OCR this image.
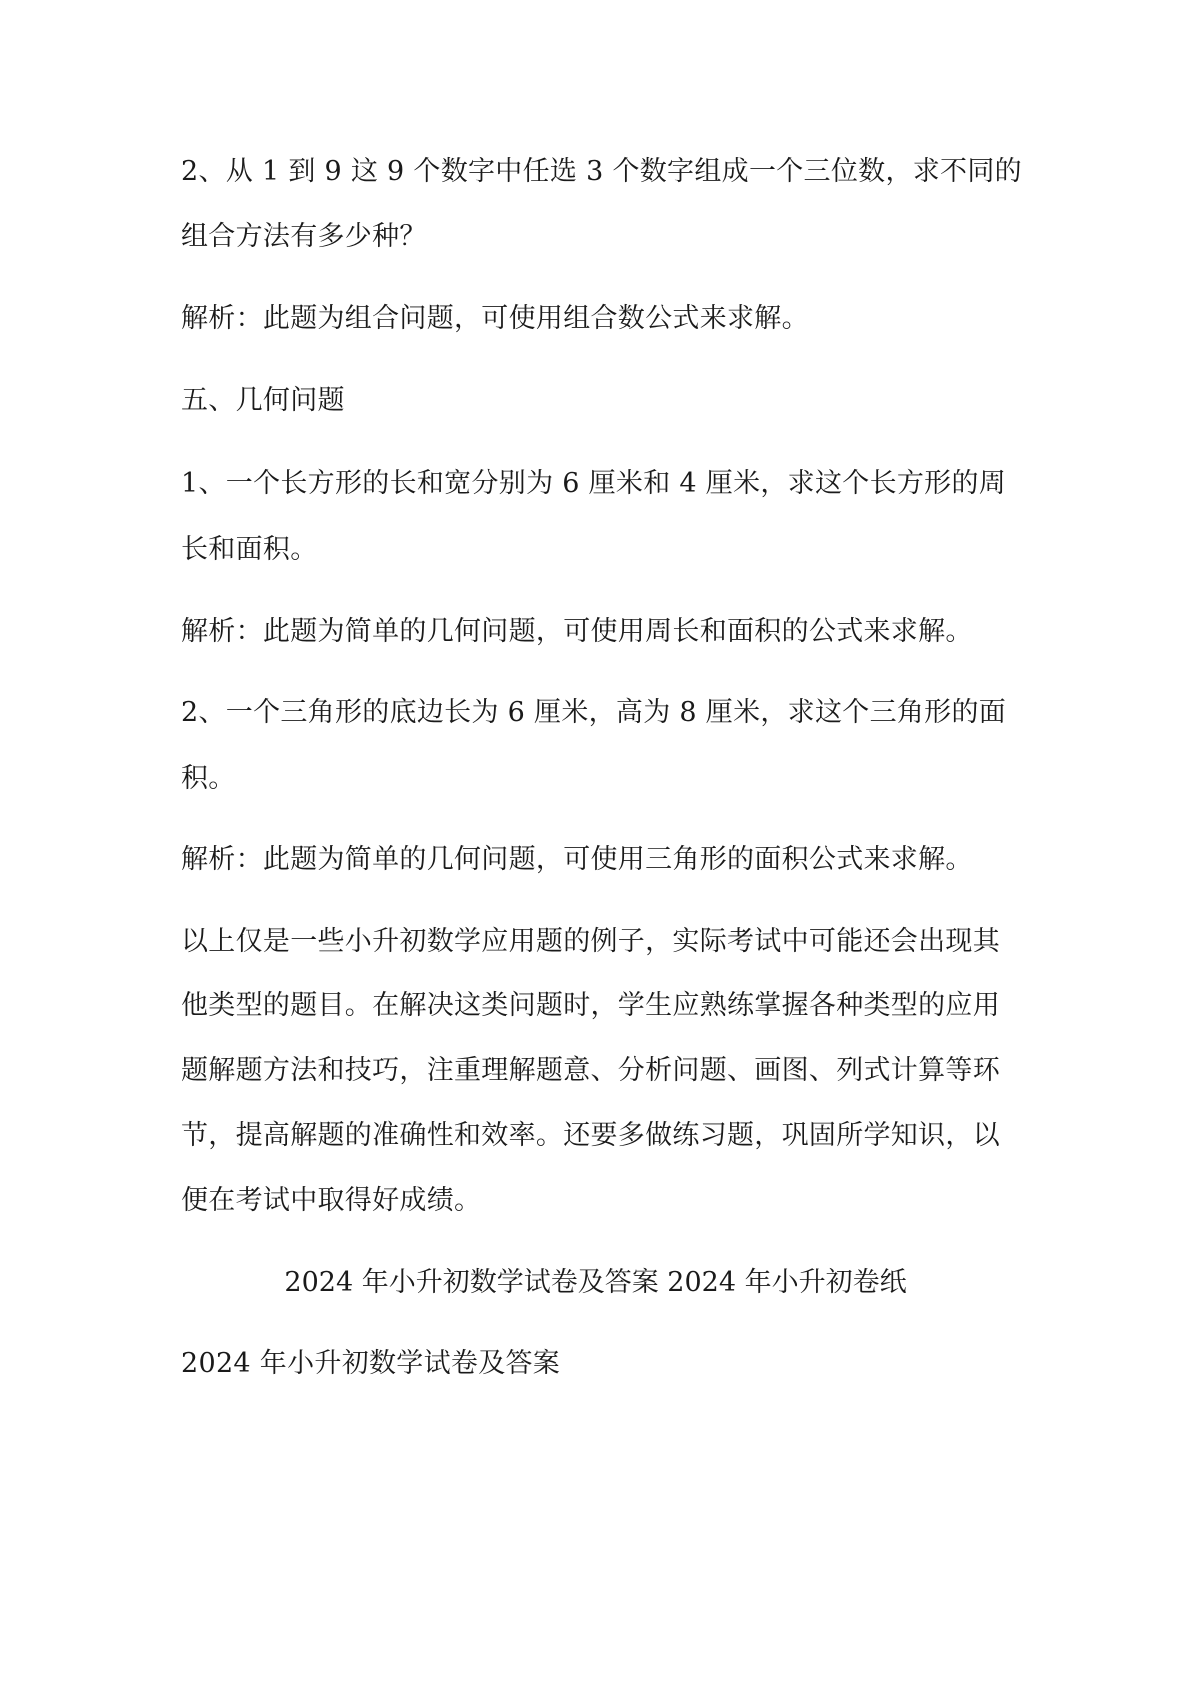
2、从 1 到 9 这 9 个数字中任选 3 个数字组成一个三位数，求不同的
组合方法有多少种？
解析：此题为组合问题，可使用组合数公式来求解。
五、几何问题
1、一个长方形的长和宽分别为 6 厘米和 4 厘米，求这个长方形的周
长和面积。
解析：此题为简单的几何问题，可使用周长和面积的公式来求解。
2、一个三角形的底边长为 6 厘米，高为 8 厘米，求这个三角形的面
积。
解析：此题为简单的几何问题，可使用三角形的面积公式来求解。
以上仅是一些小升初数学应用题的例子，实际考试中可能还会出现其
他类型的题目。在解决这类问题时，学生应熟练掌握各种类型的应用
题解题方法和技巧，注重理解题意、分析问题、画图、列式计算等环
节，提高解题的准确性和效率。还要多做练习题，巩固所学知识，以
便在考试中取得好成绩。
2024 年小升初数学试卷及答案 2024 年小升初卷纸
2024 年小升初数学试卷及答案
